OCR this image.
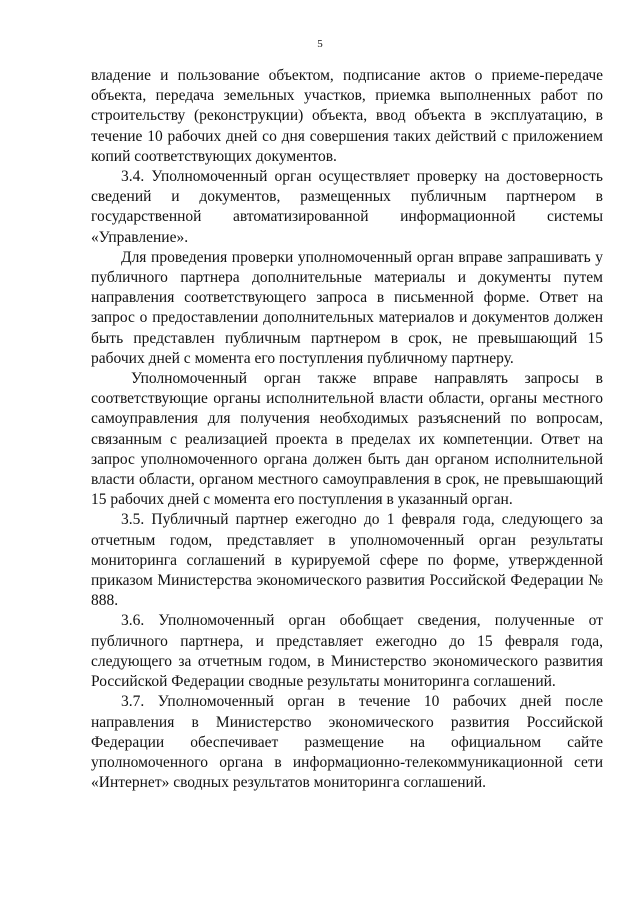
5

владение и пользование объектом, подписание актов о приеме-передаче объекта, передача земельных участков, приемка выполненных работ по строительству (реконструкции) объекта, ввод объекта в эксплуатацию, в течение 10 рабочих дней со дня совершения таких действий с приложением копий соответствующих документов.

3.4. Уполномоченный орган осуществляет проверку на достоверность сведений и документов, размещенных публичным партнером в государственной автоматизированной информационной системы «Управление».

Для проведения проверки уполномоченный орган вправе запрашивать у публичного партнера дополнительные материалы и документы путем направления соответствующего запроса в письменной форме. Ответ на запрос о предоставлении дополнительных материалов и документов должен быть представлен публичным партнером в срок, не превышающий 15 рабочих дней с момента его поступления публичному партнеру.

Уполномоченный орган также вправе направлять запросы в соответствующие органы исполнительной власти области, органы местного самоуправления для получения необходимых разъяснений по вопросам, связанным с реализацией проекта в пределах их компетенции. Ответ на запрос уполномоченного органа должен быть дан органом исполнительной власти области, органом местного самоуправления в срок, не превышающий 15 рабочих дней с момента его поступления в указанный орган.

3.5. Публичный партнер ежегодно до 1 февраля года, следующего за отчетным годом, представляет в уполномоченный орган результаты мониторинга соглашений в курируемой сфере по форме, утвержденной приказом Министерства экономического развития Российской Федерации № 888.

3.6. Уполномоченный орган обобщает сведения, полученные от публичного партнера, и представляет ежегодно до 15 февраля года, следующего за отчетным годом, в Министерство экономического развития Российской Федерации сводные результаты мониторинга соглашений.

3.7. Уполномоченный орган в течение 10 рабочих дней после направления в Министерство экономического развития Российской Федерации обеспечивает размещение на официальном сайте уполномоченного органа в информационно-телекоммуникационной сети «Интернет» сводных результатов мониторинга соглашений.
